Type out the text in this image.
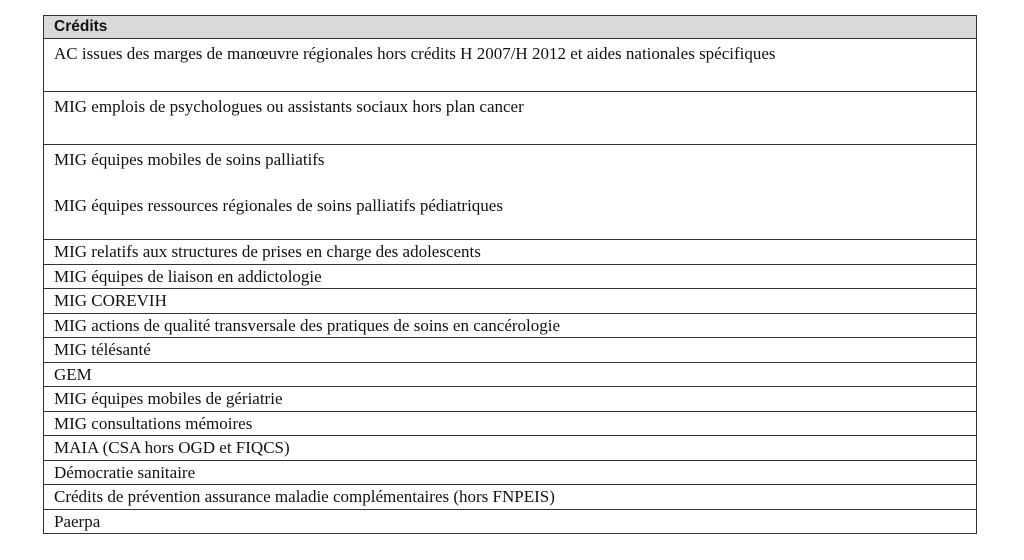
Crédits
AC issues des marges de manœuvre régionales hors crédits H 2007/H 2012 et aides nationales spécifiques
MIG emplois de psychologues ou assistants sociaux hors plan cancer
MIG équipes mobiles de soins palliatifs
MIG équipes ressources régionales de soins palliatifs pédiatriques

MIG relatifs aux structures de prises en charge des adolescents
MIG équipes de liaison en addictologie
MIG COREVIH
MIG actions de qualité transversale des pratiques de soins en cancérologie
MIG télésanté
GEM
MIG équipes mobiles de gériatrie
MIG consultations mémoires
MAIA (CSA hors OGD et FIQCS)
Démocratie sanitaire
Crédits de prévention assurance maladie complémentaires (hors FNPEIS)
Paerpa
